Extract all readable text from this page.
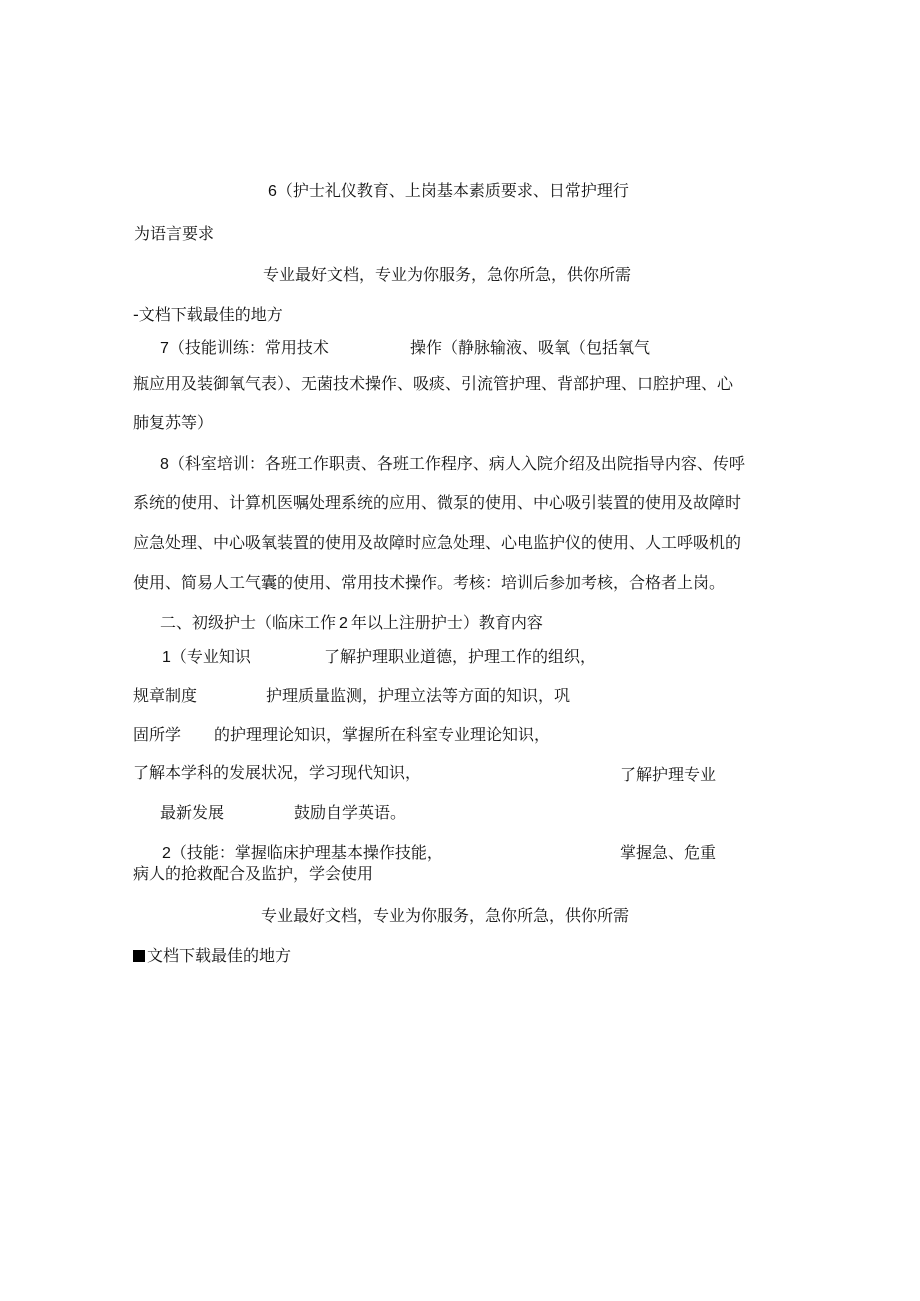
6（护士礼仪教育、上岗基本素质要求、日常护理行
为语言要求
专业最好文档，专业为你服务，急你所急，供你所需
-文档下载最佳的地方
7（技能训练：常用技术	操作（静脉输液、吸氧（包括氧气
瓶应用及装御氧气表）、无菌技术操作、吸痰、引流管护理、背部护理、口腔护理、心
肺复苏等）
8（科室培训：各班工作职责、各班工作程序、病人入院介绍及出院指导内容、传呼
系统的使用、计算机医嘱处理系统的应用、微泵的使用、中心吸引装置的使用及故障时
应急处理、中心吸氧装置的使用及故障时应急处理、心电监护仪的使用、人工呼吸机的
使用、简易人工气囊的使用、常用技术操作。考核：培训后参加考核，合格者上岗。
二、初级护士（临床工作 2 年以上注册护士）教育内容
1（专业知识	了解护理职业道德，护理工作的组织，
规章制度	护理质量监测，护理立法等方面的知识，巩
固所学 的护理理论知识，掌握所在科室专业理论知识，
了解本学科的发展状况，学习现代知识，	了解护理专业
最新发展	鼓励自学英语。
2（技能：掌握临床护理基本操作技能，	掌握急、危重
病人的抢救配合及监护，学会使用
专业最好文档，专业为你服务，急你所急，供你所需
文档下载最佳的地方
